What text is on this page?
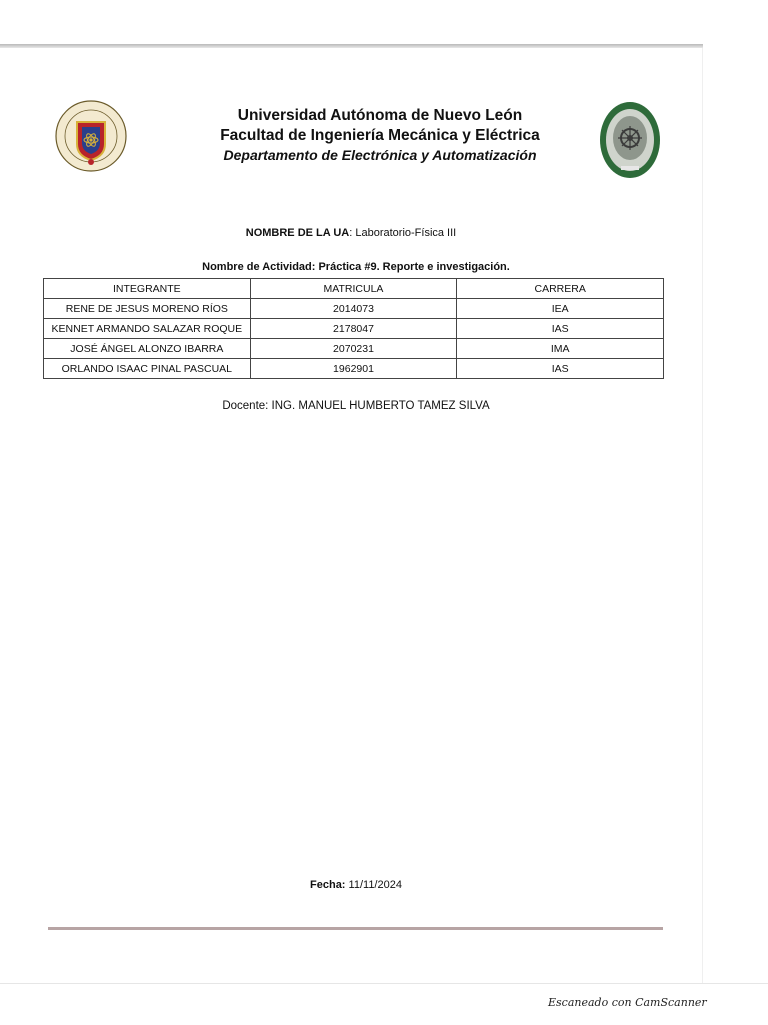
Universidad Autónoma de Nuevo León
Facultad de Ingeniería Mecánica y Eléctrica
Departamento de Electrónica y Automatización
NOMBRE DE LA UA: Laboratorio-Física III
Nombre de Actividad: Práctica #9. Reporte e investigación.
INTEGRANTE	MATRICULA	CARRERA
RENE DE JESUS MORENO RÍOS	2014073	IEA
KENNET ARMANDO SALAZAR ROQUE	2178047	IAS
JOSÉ ÁNGEL ALONZO IBARRA	2070231	IMA
ORLANDO ISAAC PINAL PASCUAL	1962901	IAS
Docente: ING. MANUEL HUMBERTO TAMEZ SILVA
Fecha: 11/11/2024
Escaneado con CamScanner
